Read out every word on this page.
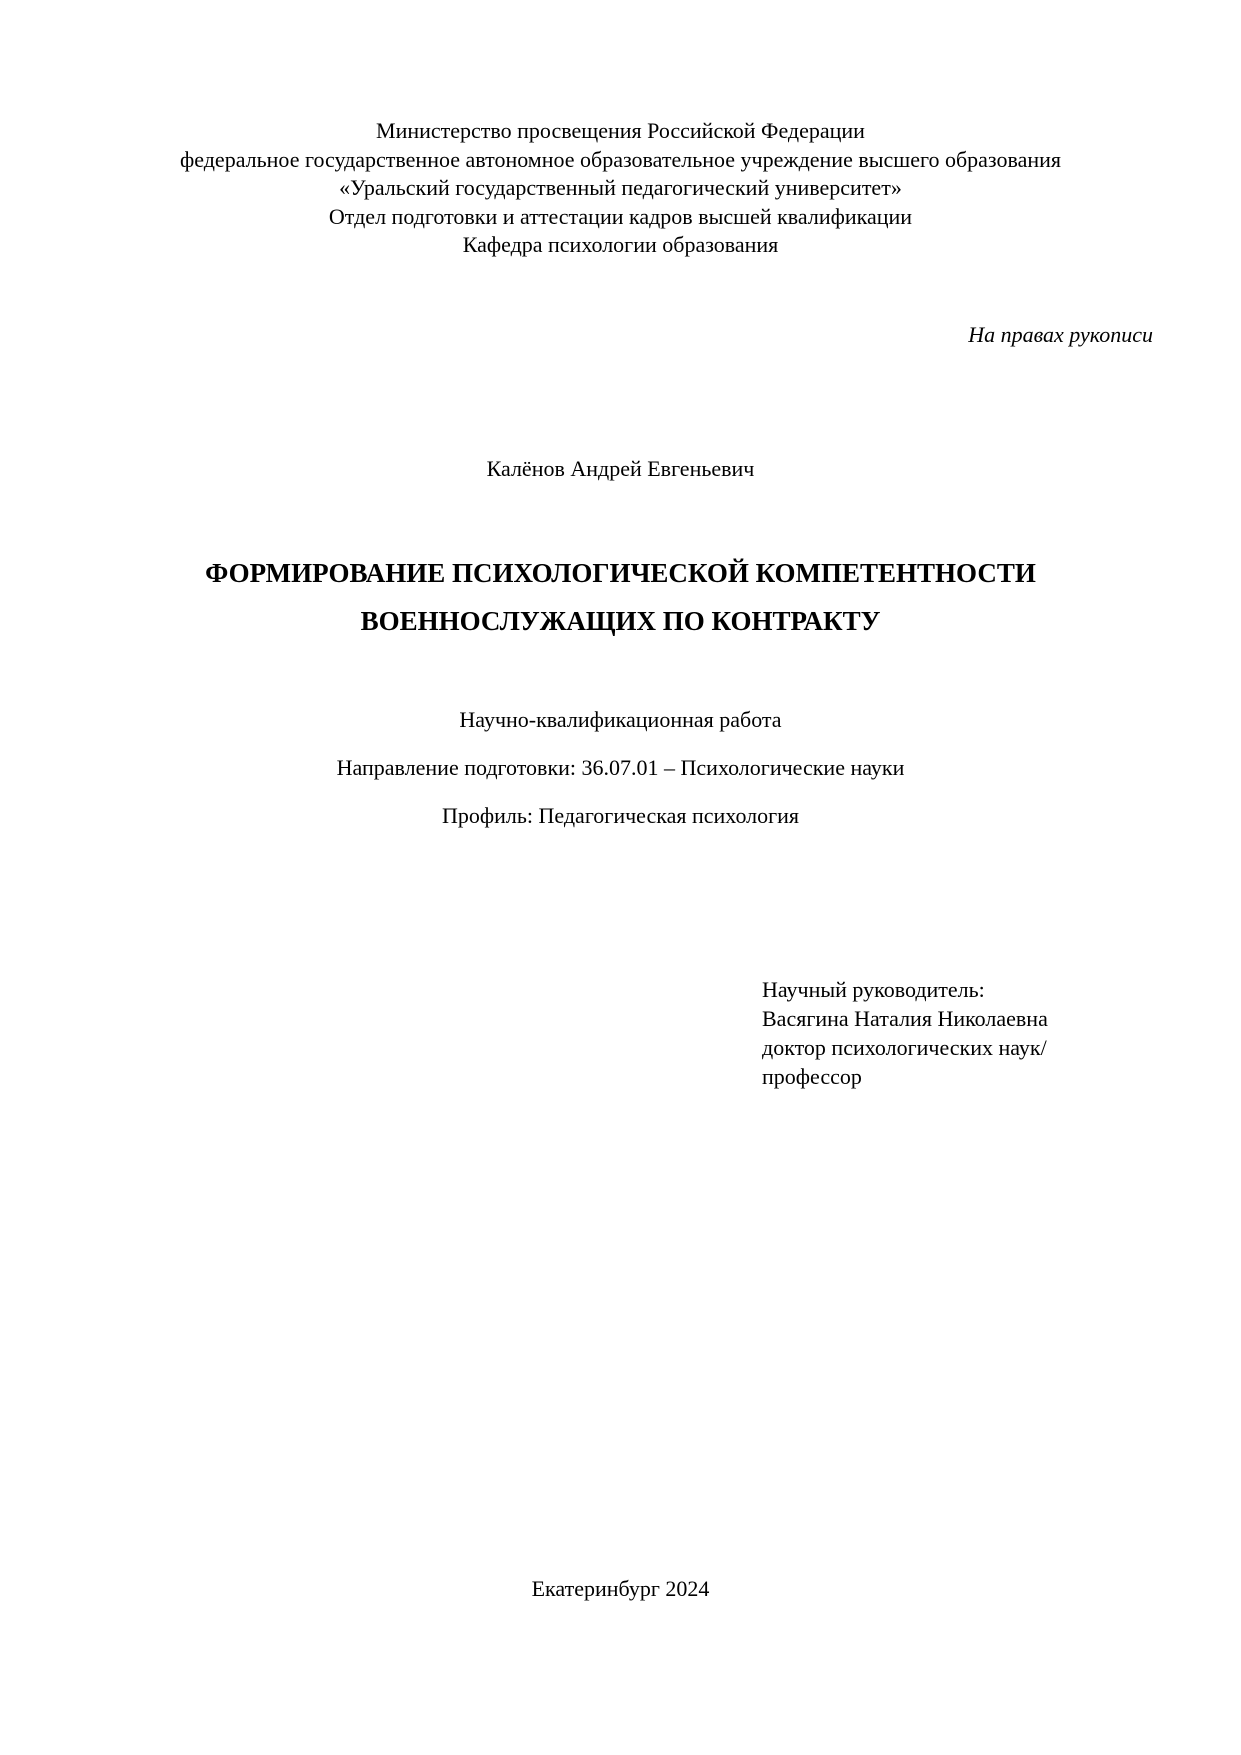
Министерство просвещения Российской Федерации
федеральное государственное автономное образовательное учреждение высшего образования
«Уральский государственный педагогический университет»
Отдел подготовки и аттестации кадров высшей квалификации
Кафедра психологии образования
На правах рукописи
Калёнов Андрей Евгеньевич
ФОРМИРОВАНИЕ ПСИХОЛОГИЧЕСКОЙ КОМПЕТЕНТНОСТИ
ВОЕННОСЛУЖАЩИХ ПО КОНТРАКТУ
Научно-квалификационная работа
Направление подготовки: 36.07.01 – Психологические науки
Профиль: Педагогическая психология
Научный руководитель:
Васягина Наталия Николаевна
доктор психологических наук/
профессор
Екатеринбург 2024
